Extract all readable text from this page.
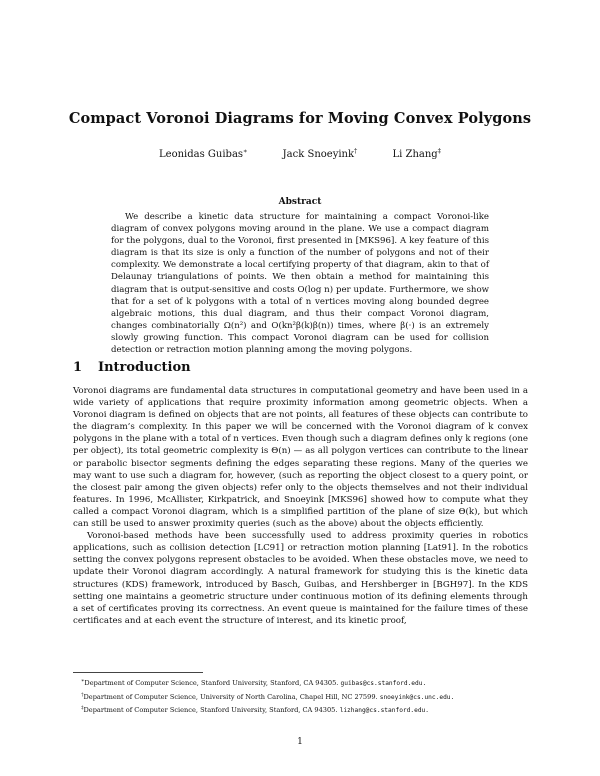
Compact Voronoi Diagrams for Moving Convex Polygons
Leonidas Guibas∗	Jack Snoeyink†	Li Zhang‡
Abstract

We describe a kinetic data structure for maintaining a compact Voronoi-like diagram of convex polygons moving around in the plane. We use a compact diagram for the polygons, dual to the Voronoi, first presented in [MKS96]. A key feature of this diagram is that its size is only a function of the number of polygons and not of their complexity. We demonstrate a local certifying property of that diagram, akin to that of Delaunay triangulations of points. We then obtain a method for maintaining this diagram that is output-sensitive and costs O(log n) per update. Furthermore, we show that for a set of k polygons with a total of n vertices moving along bounded degree algebraic motions, this dual diagram, and thus their compact Voronoi diagram, changes combinatorially Ω(n²) and O(kn²β(k)β(n)) times, where β(·) is an extremely slowly growing function. This compact Voronoi diagram can be used for collision detection or retraction motion planning among the moving polygons.

1 Introduction

Voronoi diagrams are fundamental data structures in computational geometry and have been used in a wide variety of applications that require proximity information among geometric objects. When a Voronoi diagram is defined on objects that are not points, all features of these objects can contribute to the diagram’s complexity. In this paper we will be concerned with the Voronoi diagram of k convex polygons in the plane with a total of n vertices. Even though such a diagram defines only k regions (one per object), its total geometric complexity is Θ(n) — as all polygon vertices can contribute to the linear or parabolic bisector segments defining the edges separating these regions. Many of the queries we may want to use such a diagram for, however, (such as reporting the object closest to a query point, or the closest pair among the given objects) refer only to the objects themselves and not their individual features. In 1996, McAllister, Kirkpatrick, and Snoeyink [MKS96] showed how to compute what they called a compact Voronoi diagram, which is a simplified partition of the plane of size Θ(k), but which can still be used to answer proximity queries (such as the above) about the objects efficiently.

Voronoi-based methods have been successfully used to address proximity queries in robotics applications, such as collision detection [LC91] or retraction motion planning [Lat91]. In the robotics setting the convex polygons represent obstacles to be avoided. When these obstacles move, we need to update their Voronoi diagram accordingly. A natural framework for studying this is the kinetic data structures (KDS) framework, introduced by Basch, Guibas, and Hershberger in [BGH97]. In the KDS setting one maintains a geometric structure under continuous motion of its defining elements through a set of certificates proving its correctness. An event queue is maintained for the failure times of these certificates and at each event the structure of interest, and its kinetic proof,

∗Department of Computer Science, Stanford University, Stanford, CA 94305. guibas@cs.stanford.edu.
†Department of Computer Science, University of North Carolina, Chapel Hill, NC 27599. snoeyink@cs.unc.edu.
‡Department of Computer Science, Stanford University, Stanford, CA 94305. lizhang@cs.stanford.edu.
1
